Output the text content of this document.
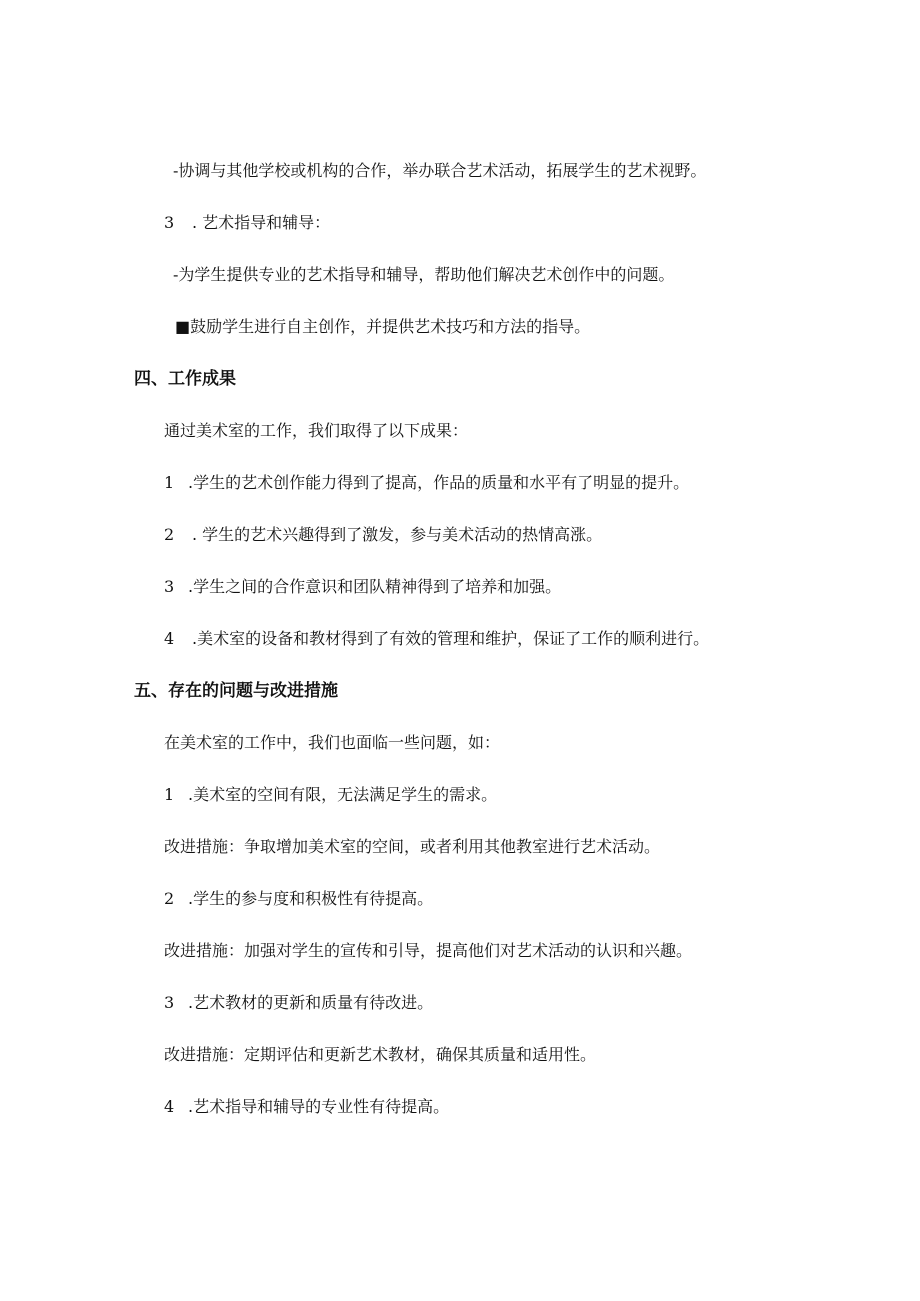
-协调与其他学校或机构的合作，举办联合艺术活动，拓展学生的艺术视野。
3 . 艺术指导和辅导：
-为学生提供专业的艺术指导和辅导，帮助他们解决艺术创作中的问题。
■鼓励学生进行自主创作，并提供艺术技巧和方法的指导。
四、工作成果
通过美术室的工作，我们取得了以下成果：
1 .学生的艺术创作能力得到了提高，作品的质量和水平有了明显的提升。
2 . 学生的艺术兴趣得到了激发，参与美术活动的热情高涨。
3 .学生之间的合作意识和团队精神得到了培养和加强。
4 .美术室的设备和教材得到了有效的管理和维护，保证了工作的顺利进行。
五、存在的问题与改进措施
在美术室的工作中，我们也面临一些问题，如：
1 .美术室的空间有限，无法满足学生的需求。
改进措施：争取增加美术室的空间，或者利用其他教室进行艺术活动。
2 .学生的参与度和积极性有待提高。
改进措施：加强对学生的宣传和引导，提高他们对艺术活动的认识和兴趣。
3 .艺术教材的更新和质量有待改进。
改进措施：定期评估和更新艺术教材，确保其质量和适用性。
4 .艺术指导和辅导的专业性有待提高。
